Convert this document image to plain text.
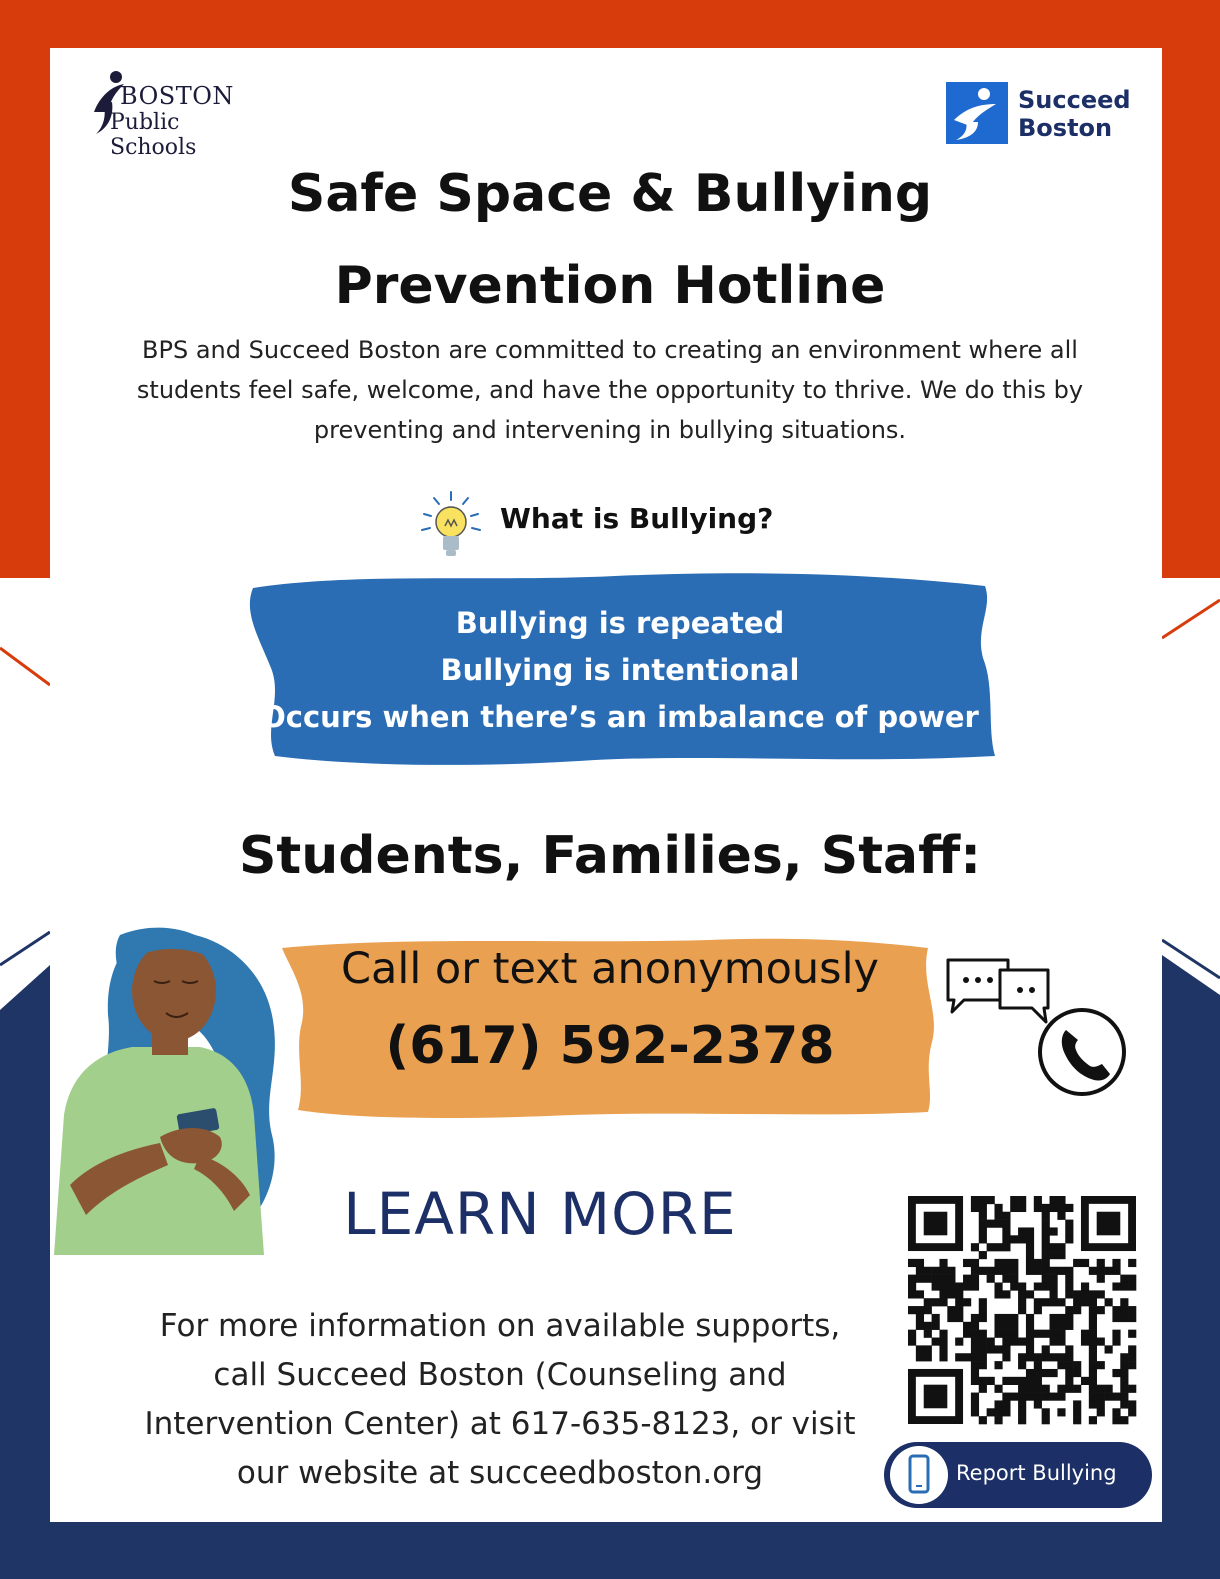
BOSTON
Public Schools
Succeed
Boston
Safe Space & Bullying
Prevention Hotline
BPS and Succeed Boston are committed to creating an environment where all
students feel safe, welcome, and have the opportunity to thrive. We do this by
preventing and intervening in bullying situations.
What is Bullying?
Bullying is repeated
Bullying is intentional
Occurs when there’s an imbalance of power
Students, Families, Staff:
Call or text anonymously
(617) 592-2378
LEARN MORE
For more information on available supports,
call Succeed Boston (Counseling and
Intervention Center) at 617-635-8123, or visit
our website at succeedboston.org	Report Bullying
